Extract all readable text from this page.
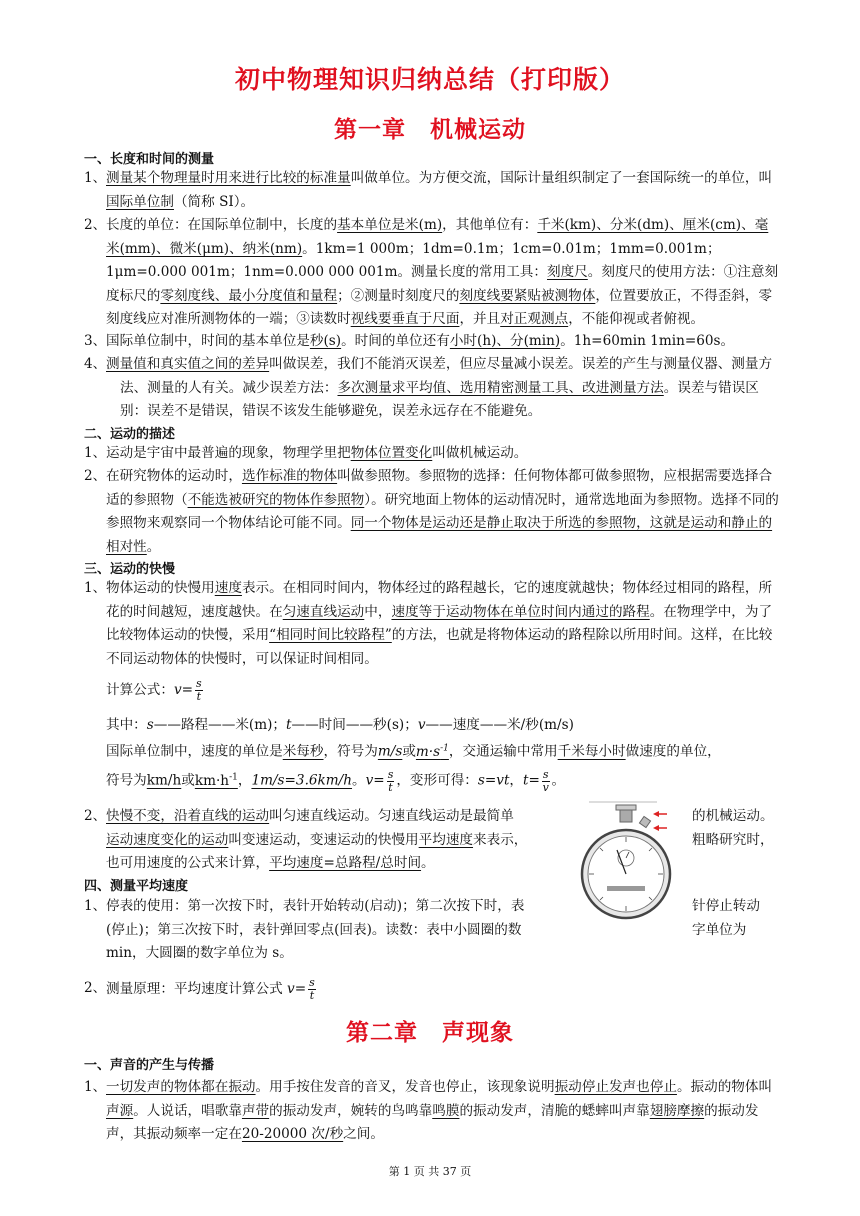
初中物理知识归纳总结（打印版）
第一章　机械运动
一、长度和时间的测量
1、 测量某个物理量时用来进行比较的标准量叫做单位。为方便交流，国际计量组织制定了一套国际统一的单位，叫国际单位制（简称 SI）。
2、 长度的单位：在国际单位制中，长度的基本单位是米(m)，其他单位有：千米(km)、分米(dm)、厘米(cm)、毫米(mm)、微米(μm)、纳米(nm)。1km=1 000m；1dm=0.1m；1cm=0.01m；1mm=0.001m；1μm=0.000 001m；1nm=0.000 000 001m。测量长度的常用工具：刻度尺。刻度尺的使用方法：①注意刻度标尺的零刻度线、最小分度值和量程；②测量时刻度尺的刻度线要紧贴被测物体，位置要放正，不得歪斜，零刻度线应对准所测物体的一端；③读数时视线要垂直于尺面，并且对正观测点，不能仰视或者俯视。
3、 国际单位制中，时间的基本单位是秒(s)。时间的单位还有小时(h)、分(min)。1h=60min 1min=60s。
4、 测量值和真实值之间的差异叫做误差，我们不能消灭误差，但应尽量减小误差。误差的产生与测量仪器、测量方法、测量的人有关。减少误差方法：多次测量求平均值、选用精密测量工具、改进测量方法。误差与错误区别：误差不是错误，错误不该发生能够避免，误差永远存在不能避免。
二、运动的描述
1、 运动是宇宙中最普遍的现象，物理学里把物体位置变化叫做机械运动。
2、 在研究物体的运动时，选作标准的物体叫做参照物。参照物的选择：任何物体都可做参照物，应根据需要选择合适的参照物（不能选被研究的物体作参照物）。研究地面上物体的运动情况时，通常选地面为参照物。选择不同的参照物来观察同一个物体结论可能不同。同一个物体是运动还是静止取决于所选的参照物，这就是运动和静止的相对性。
三、运动的快慢
1、 物体运动的快慢用速度表示。在相同时间内，物体经过的路程越长，它的速度就越快；物体经过相同的路程，所花的时间越短，速度越快。在匀速直线运动中，速度等于运动物体在单位时间内通过的路程。在物理学中，为了比较物体运动的快慢，采用“相同时间比较路程”的方法，也就是将物体运动的路程除以所用时间。这样，在比较不同运动物体的快慢时，可以保证时间相同。
计算公式：$v= \frac{s}{t}$
其中：s——路程——米(m)；t——时间——秒(s)；v——速度——米/秒(m/s)
国际单位制中，速度的单位是米每秒，符号为m/s或$m\cdot s^{-1}$，交通运输中常用千米每小时做速度的单位，
符号为km/h或$km\cdot h^{-1}$，1m/s=3.6km/h。$v= \frac{s}{t}$ ，变形可得：s=vt，$t= \frac{s}{v}$ 。
2、 快慢不变，沿着直线的运动叫匀速直线运动。匀速直线运动是最简单
运动速度变化的运动叫变速运动，变速运动的快慢用平均速度来表示，
也可用速度的公式来计算，平均速度=总路程/总时间。
的机械运动。
粗略研究时，
四、测量平均速度
1、 停表的使用：第一次按下时，表针开始转动(启动)；第二次按下时，表
(停止)；第三次按下时，表针弹回零点(回表)。读数：表中小圆圈的数
min，大圆圈的数字单位为 s。
针停止转动
字单位为
2、 测量原理：平均速度计算公式 $v= \frac{s}{t}$
第二章　声现象
一、声音的产生与传播
1、 一切发声的物体都在振动。用手按住发音的音叉，发音也停止，该现象说明振动停止发声也停止。振动的物体叫声源。人说话，唱歌靠声带的振动发声，婉转的鸟鸣靠鸣膜的振动发声，清脆的蟋蟀叫声靠翅膀摩擦的振动发声，其振动频率一定在20-20000 次/秒之间。
第 1 页 共 37 页
